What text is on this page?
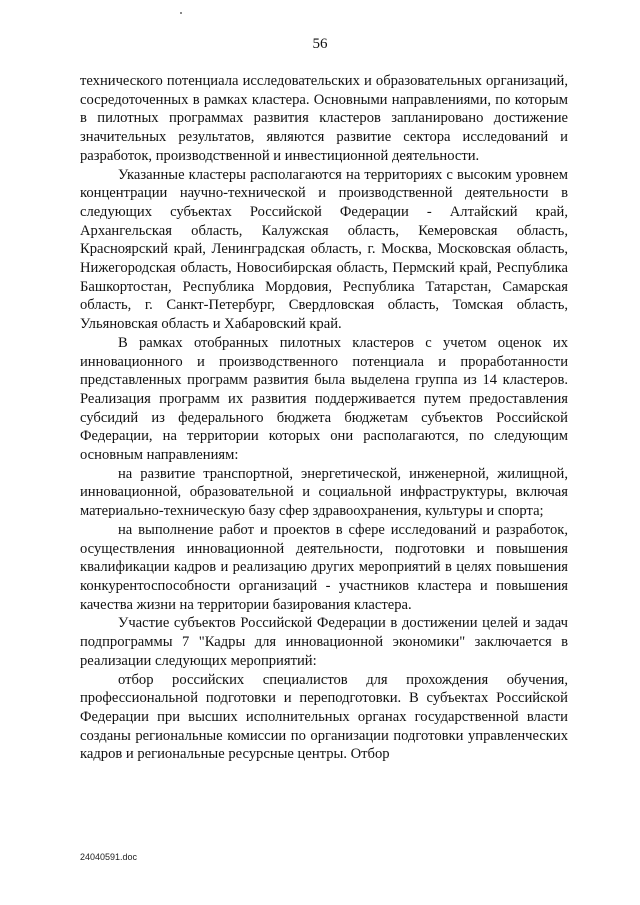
56

технического потенциала исследовательских и образовательных организаций, сосредоточенных в рамках кластера. Основными направлениями, по которым в пилотных программах развития кластеров запланировано достижение значительных результатов, являются развитие сектора исследований и разработок, производственной и инвестиционной деятельности.

Указанные кластеры располагаются на территориях с высоким уровнем концентрации научно-технической и производственной деятельности в следующих субъектах Российской Федерации - Алтайский край, Архангельская область, Калужская область, Кемеровская область, Красноярский край, Ленинградская область, г. Москва, Московская область, Нижегородская область, Новосибирская область, Пермский край, Республика Башкортостан, Республика Мордовия, Республика Татарстан, Самарская область, г. Санкт-Петербург, Свердловская область, Томская область, Ульяновская область и Хабаровский край.

В рамках отобранных пилотных кластеров с учетом оценок их инновационного и производственного потенциала и проработанности представленных программ развития была выделена группа из 14 кластеров. Реализация программ их развития поддерживается путем предоставления субсидий из федерального бюджета бюджетам субъектов Российской Федерации, на территории которых они располагаются, по следующим основным направлениям:

на развитие транспортной, энергетической, инженерной, жилищной, инновационной, образовательной и социальной инфраструктуры, включая материально-техническую базу сфер здравоохранения, культуры и спорта;

на выполнение работ и проектов в сфере исследований и разработок, осуществления инновационной деятельности, подготовки и повышения квалификации кадров и реализацию других мероприятий в целях повышения конкурентоспособности организаций - участников кластера и повышения качества жизни на территории базирования кластера.

Участие субъектов Российской Федерации в достижении целей и задач подпрограммы 7 "Кадры для инновационной экономики" заключается в реализации следующих мероприятий:

отбор российских специалистов для прохождения обучения, профессиональной подготовки и переподготовки. В субъектах Российской Федерации при высших исполнительных органах государственной власти созданы региональные комиссии по организации подготовки управленческих кадров и региональные ресурсные центры. Отбор

24040591.doc
